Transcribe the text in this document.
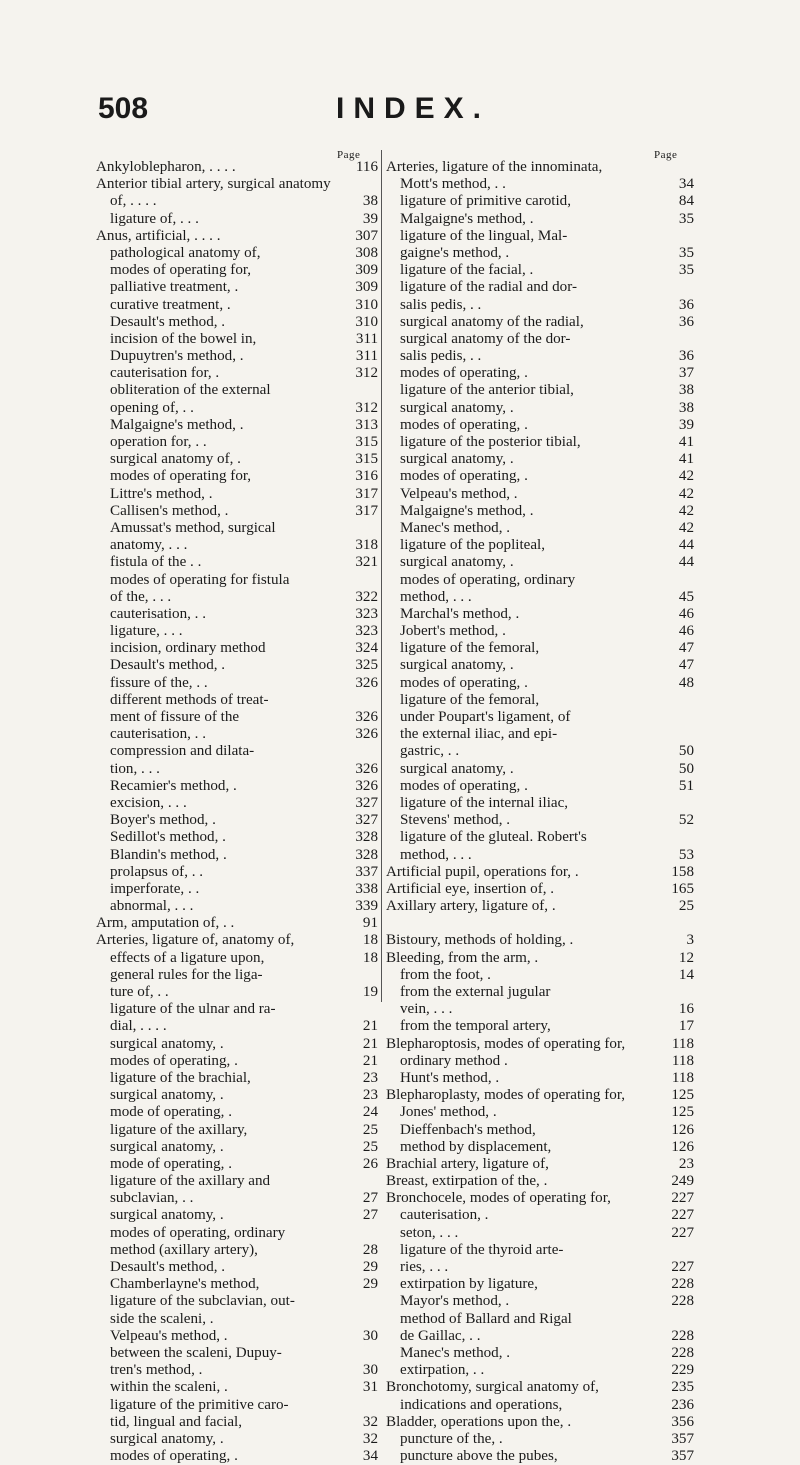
508	INDEX.
Page
Ankyloblepharon, . . . .	116
Anterior tibial artery, surgical anatomy
of, . . . .	38
ligature of, . . .	39
Anus, artificial, . . . .	307
pathological anatomy of,	308
modes of operating for,	309
palliative treatment, .	309
curative treatment, .	310
Desault's method, .	310
incision of the bowel in,	311
Dupuytren's method, .	311
cauterisation for, .	312
obliteration of the external
opening of, . .	312
Malgaigne's method, .	313
operation for, . .	315
surgical anatomy of, .	315
modes of operating for,	316
Littre's method, .	317
Callisen's method, .	317
Amussat's method, surgical
anatomy, . . .	318
fistula of the . .	321
modes of operating for fistula
of the, . . .	322
cauterisation, . .	323
ligature, . . .	323
incision, ordinary method	324
Desault's method, .	325
fissure of the, . .	326
different methods of treat-
ment of fissure of the	326
cauterisation, . .	326
compression and dilata-
tion, . . .	326
Recamier's method, .	326
excision, . . .	327
Boyer's method, .	327
Sedillot's method, .	328
Blandin's method, .	328
prolapsus of, . .	337
imperforate, . .	338
abnormal, . . .	339
Arm, amputation of, . .	91
Arteries, ligature of, anatomy of,	18
effects of a ligature upon,	18
general rules for the liga-
ture of, . .	19
ligature of the ulnar and ra-
dial, . . . .	21
surgical anatomy, .	21
modes of operating, .	21
ligature of the brachial,	23
surgical anatomy, .	23
mode of operating, .	24
ligature of the axillary,	25
surgical anatomy, .	25
mode of operating, .	26
ligature of the axillary and
subclavian, . .	27
surgical anatomy, .	27
modes of operating, ordinary
method (axillary artery),	28
Desault's method, .	29
Chamberlayne's method,	29
ligature of the subclavian, out-
side the scaleni, .
Velpeau's method, .	30
between the scaleni, Dupuy-
tren's method, .	30
within the scaleni, .	31
ligature of the primitive caro-
tid, lingual and facial,	32
surgical anatomy, .	32
modes of operating, .	34
Page
Arteries, ligature of the innominata,
Mott's method, . .	34
ligature of primitive carotid,	84
Malgaigne's method, .	35
ligature of the lingual, Mal-
gaigne's method, .	35
ligature of the facial, .	35
ligature of the radial and dor-
salis pedis, . .	36
surgical anatomy of the radial,	36
surgical anatomy of the dor-
salis pedis, . .	36
modes of operating, .	37
ligature of the anterior tibial,	38
surgical anatomy, .	38
modes of operating, .	39
ligature of the posterior tibial,	41
surgical anatomy, .	41
modes of operating, .	42
Velpeau's method, .	42
Malgaigne's method, .	42
Manec's method, .	42
ligature of the popliteal,	44
surgical anatomy, .	44
modes of operating, ordinary
method, . . .	45
Marchal's method, .	46
Jobert's method, .	46
ligature of the femoral,	47
surgical anatomy, .	47
modes of operating, .	48
ligature of the femoral,
under Poupart's ligament, of
the external iliac, and epi-
gastric, . .	50
surgical anatomy, .	50
modes of operating, .	51
ligature of the internal iliac,
Stevens' method, .	52
ligature of the gluteal. Robert's
method, . . .	53
Artificial pupil, operations for, .	158
Artificial eye, insertion of, .	165
Axillary artery, ligature of, .	25
Bistoury, methods of holding, .	3
Bleeding, from the arm, .	12
from the foot, .	14
from the external jugular
vein, . . .	16
from the temporal artery,	17
Blepharoptosis, modes of operating for,	118
ordinary method .	118
Hunt's method, .	118
Blepharoplasty, modes of operating for,	125
Jones' method, .	125
Dieffenbach's method,	126
method by displacement,	126
Brachial artery, ligature of,	23
Breast, extirpation of the, .	249
Bronchocele, modes of operating for,	227
cauterisation, .	227
seton, . . .	227
ligature of the thyroid arte-
ries, . . .	227
extirpation by ligature,	228
Mayor's method, .	228
method of Ballard and Rigal
de Gaillac, . .	228
Manec's method, .	228
extirpation, . .	229
Bronchotomy, surgical anatomy of,	235
indications and operations,	236
Bladder, operations upon the, .	356
puncture of the, .	357
puncture above the pubes,	357
